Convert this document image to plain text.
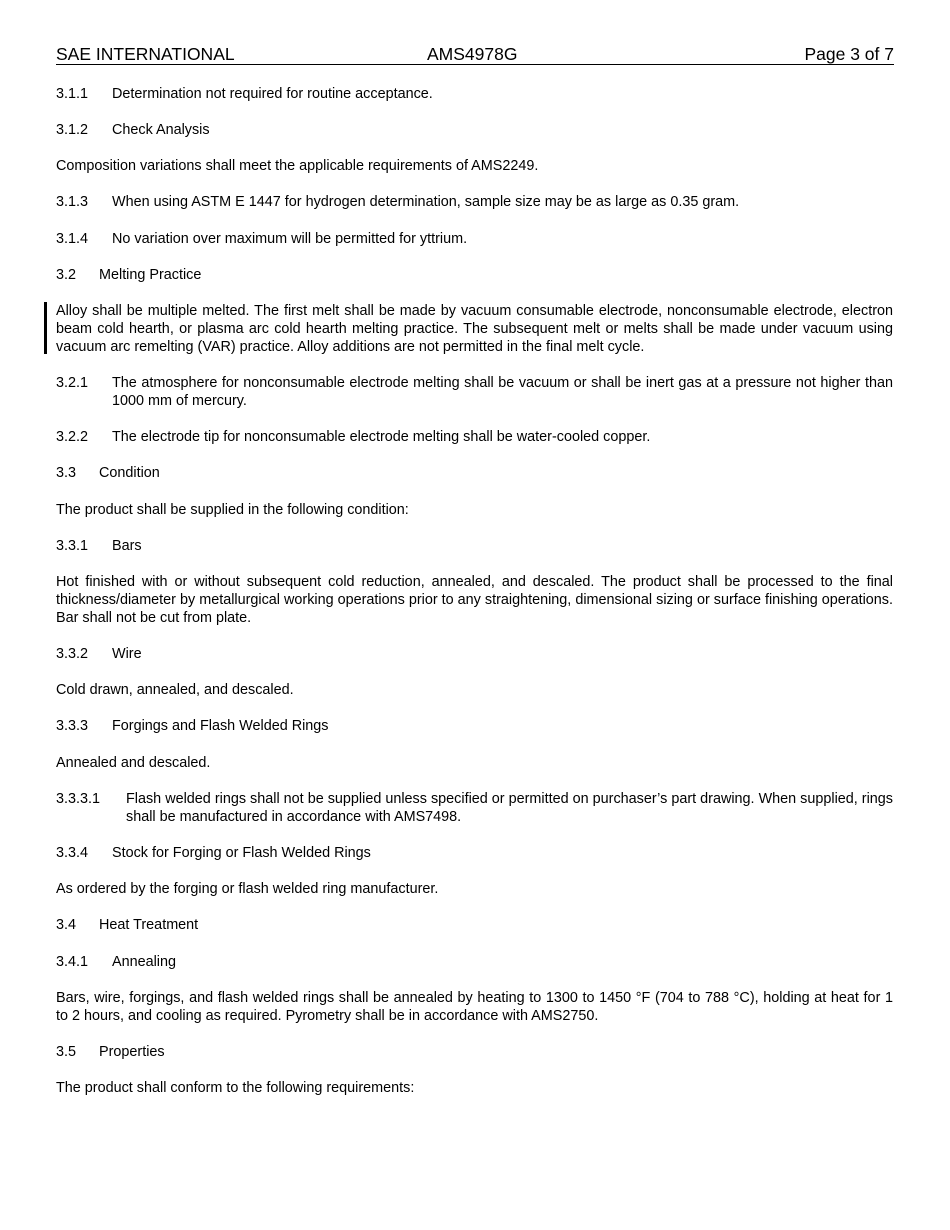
SAE INTERNATIONAL	AMS4978G	Page 3 of 7
3.1.1 Determination not required for routine acceptance.
3.1.2 Check Analysis

Composition variations shall meet the applicable requirements of AMS2249.

3.1.3 When using ASTM E 1447 for hydrogen determination, sample size may be as large as 0.35 gram.
3.1.4 No variation over maximum will be permitted for yttrium.
3.2 Melting Practice

Alloy shall be multiple melted. The first melt shall be made by vacuum consumable electrode, nonconsumable electrode, electron beam cold hearth, or plasma arc cold hearth melting practice. The subsequent melt or melts shall be made under vacuum using vacuum arc remelting (VAR) practice. Alloy additions are not permitted in the final melt cycle.

3.2.1 The atmosphere for nonconsumable electrode melting shall be vacuum or shall be inert gas at a pressure not higher than 1000 mm of mercury.
3.2.2 The electrode tip for nonconsumable electrode melting shall be water-cooled copper.
3.3 Condition

The product shall be supplied in the following condition:

3.3.1 Bars

Hot finished with or without subsequent cold reduction, annealed, and descaled. The product shall be processed to the final thickness/diameter by metallurgical working operations prior to any straightening, dimensional sizing or surface finishing operations. Bar shall not be cut from plate.

3.3.2 Wire

Cold drawn, annealed, and descaled.

3.3.3 Forgings and Flash Welded Rings

Annealed and descaled.

3.3.3.1 Flash welded rings shall not be supplied unless specified or permitted on purchaser’s part drawing. When supplied, rings shall be manufactured in accordance with AMS7498.
3.3.4 Stock for Forging or Flash Welded Rings

As ordered by the forging or flash welded ring manufacturer.

3.4 Heat Treatment
3.4.1 Annealing

Bars, wire, forgings, and flash welded rings shall be annealed by heating to 1300 to 1450 °F (704 to 788 °C), holding at heat for 1 to 2 hours, and cooling as required. Pyrometry shall be in accordance with AMS2750.

3.5 Properties

The product shall conform to the following requirements:
